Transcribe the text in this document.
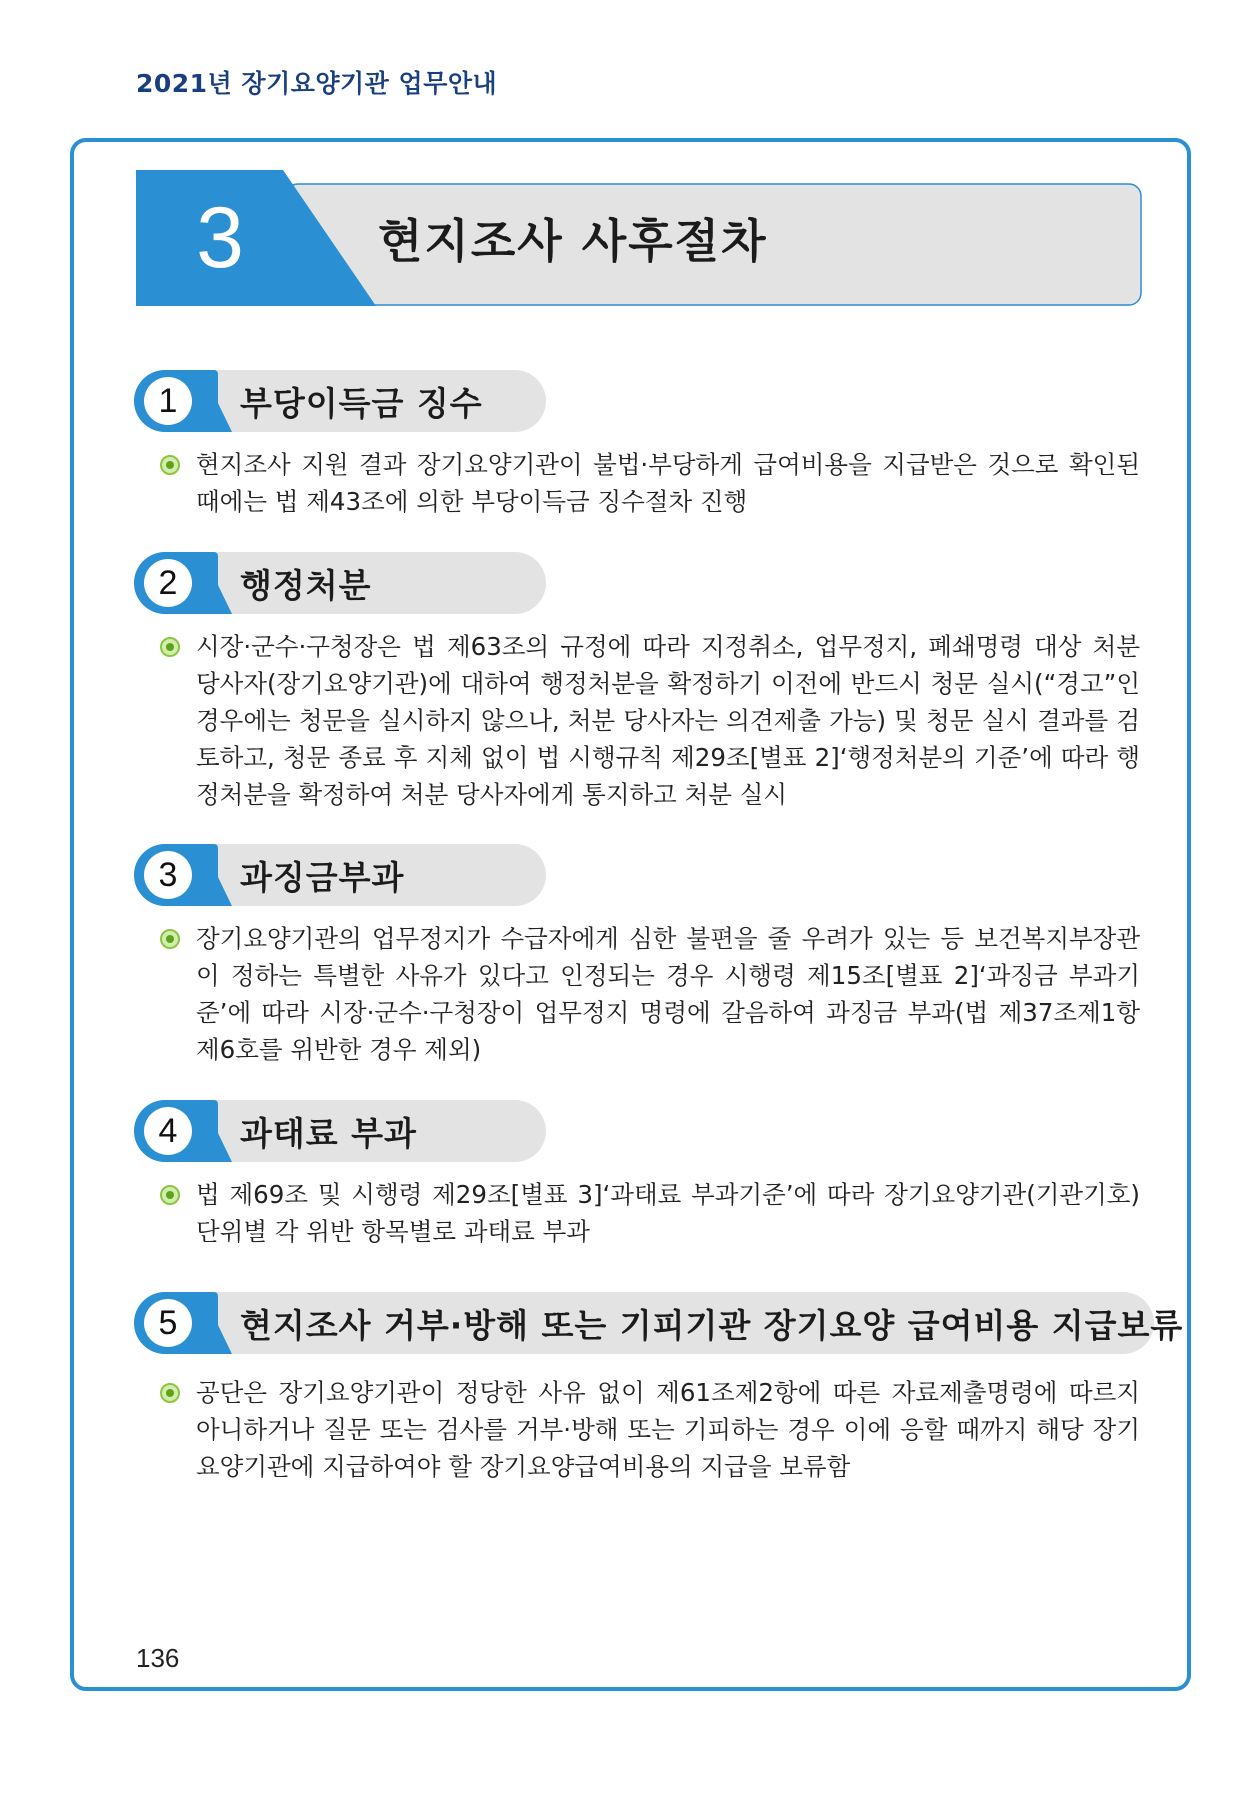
2021년 장기요양기관 업무안내
3	현지조사 사후절차
1	부당이득금 징수
현지조사 지원 결과 장기요양기관이 불법·부당하게 급여비용을 지급받은 것으로 확인된 때에는 법 제43조에 의한 부당이득금 징수절차 진행
2	행정처분
시장·군수·구청장은 법 제63조의 규정에 따라 지정취소, 업무정지, 폐쇄명령 대상 처분 당사자(장기요양기관)에 대하여 행정처분을 확정하기 이전에 반드시 청문 실시(“경고”인 경우에는 청문을 실시하지 않으나, 처분 당사자는 의견제출 가능) 및 청문 실시 결과를 검토하고, 청문 종료 후 지체 없이 법 시행규칙 제29조[별표 2]‘행정처분의 기준’에 따라 행정처분을 확정하여 처분 당사자에게 통지하고 처분 실시
3	과징금부과
장기요양기관의 업무정지가 수급자에게 심한 불편을 줄 우려가 있는 등 보건복지부장관이 정하는 특별한 사유가 있다고 인정되는 경우 시행령 제15조[별표 2]‘과징금 부과기준’에 따라 시장·군수·구청장이 업무정지 명령에 갈음하여 과징금 부과(법 제37조제1항제6호를 위반한 경우 제외)
4	과태료 부과
법 제69조 및 시행령 제29조[별표 3]‘과태료 부과기준’에 따라 장기요양기관(기관기호) 단위별 각 위반 항목별로 과태료 부과
5	현지조사 거부·방해 또는 기피기관 장기요양 급여비용 지급보류
공단은 장기요양기관이 정당한 사유 없이 제61조제2항에 따른 자료제출명령에 따르지 아니하거나 질문 또는 검사를 거부·방해 또는 기피하는 경우 이에 응할 때까지 해당 장기요양기관에 지급하여야 할 장기요양급여비용의 지급을 보류함
136
